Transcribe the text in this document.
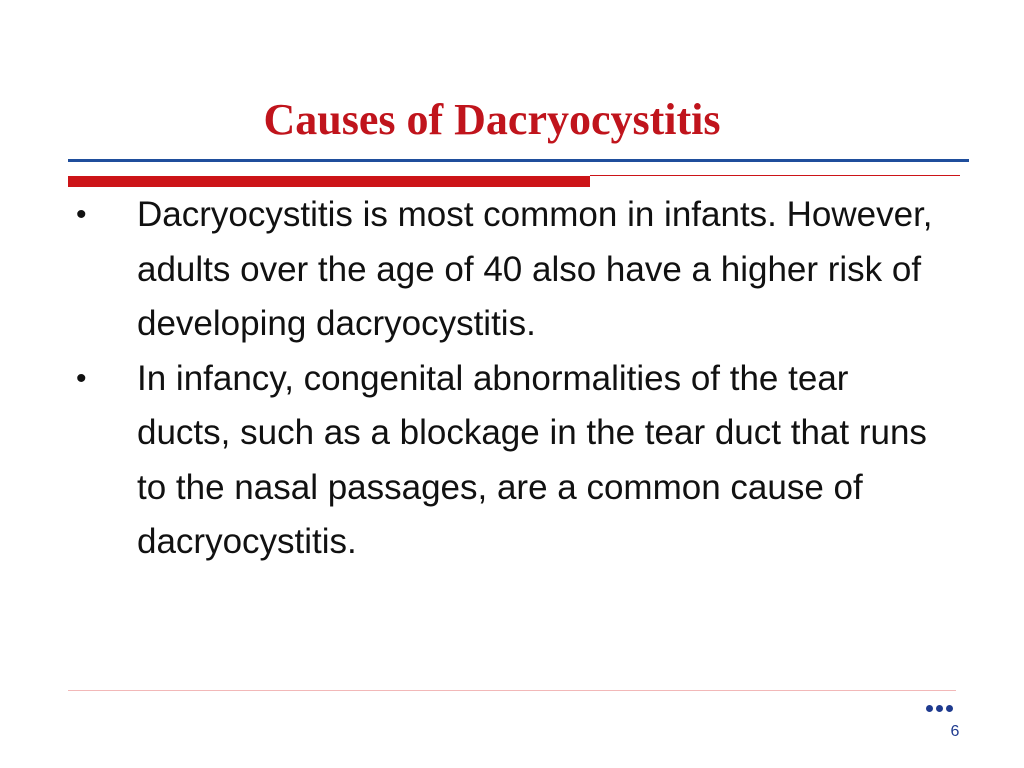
Causes of Dacryocystitis
• Dacryocystitis is most common in infants. However, adults over the age of 40 also have a higher risk of developing dacryocystitis.
• In infancy, congenital abnormalities of the tear ducts, such as a blockage in the tear duct that runs to the nasal passages, are a common cause of dacryocystitis.
6
